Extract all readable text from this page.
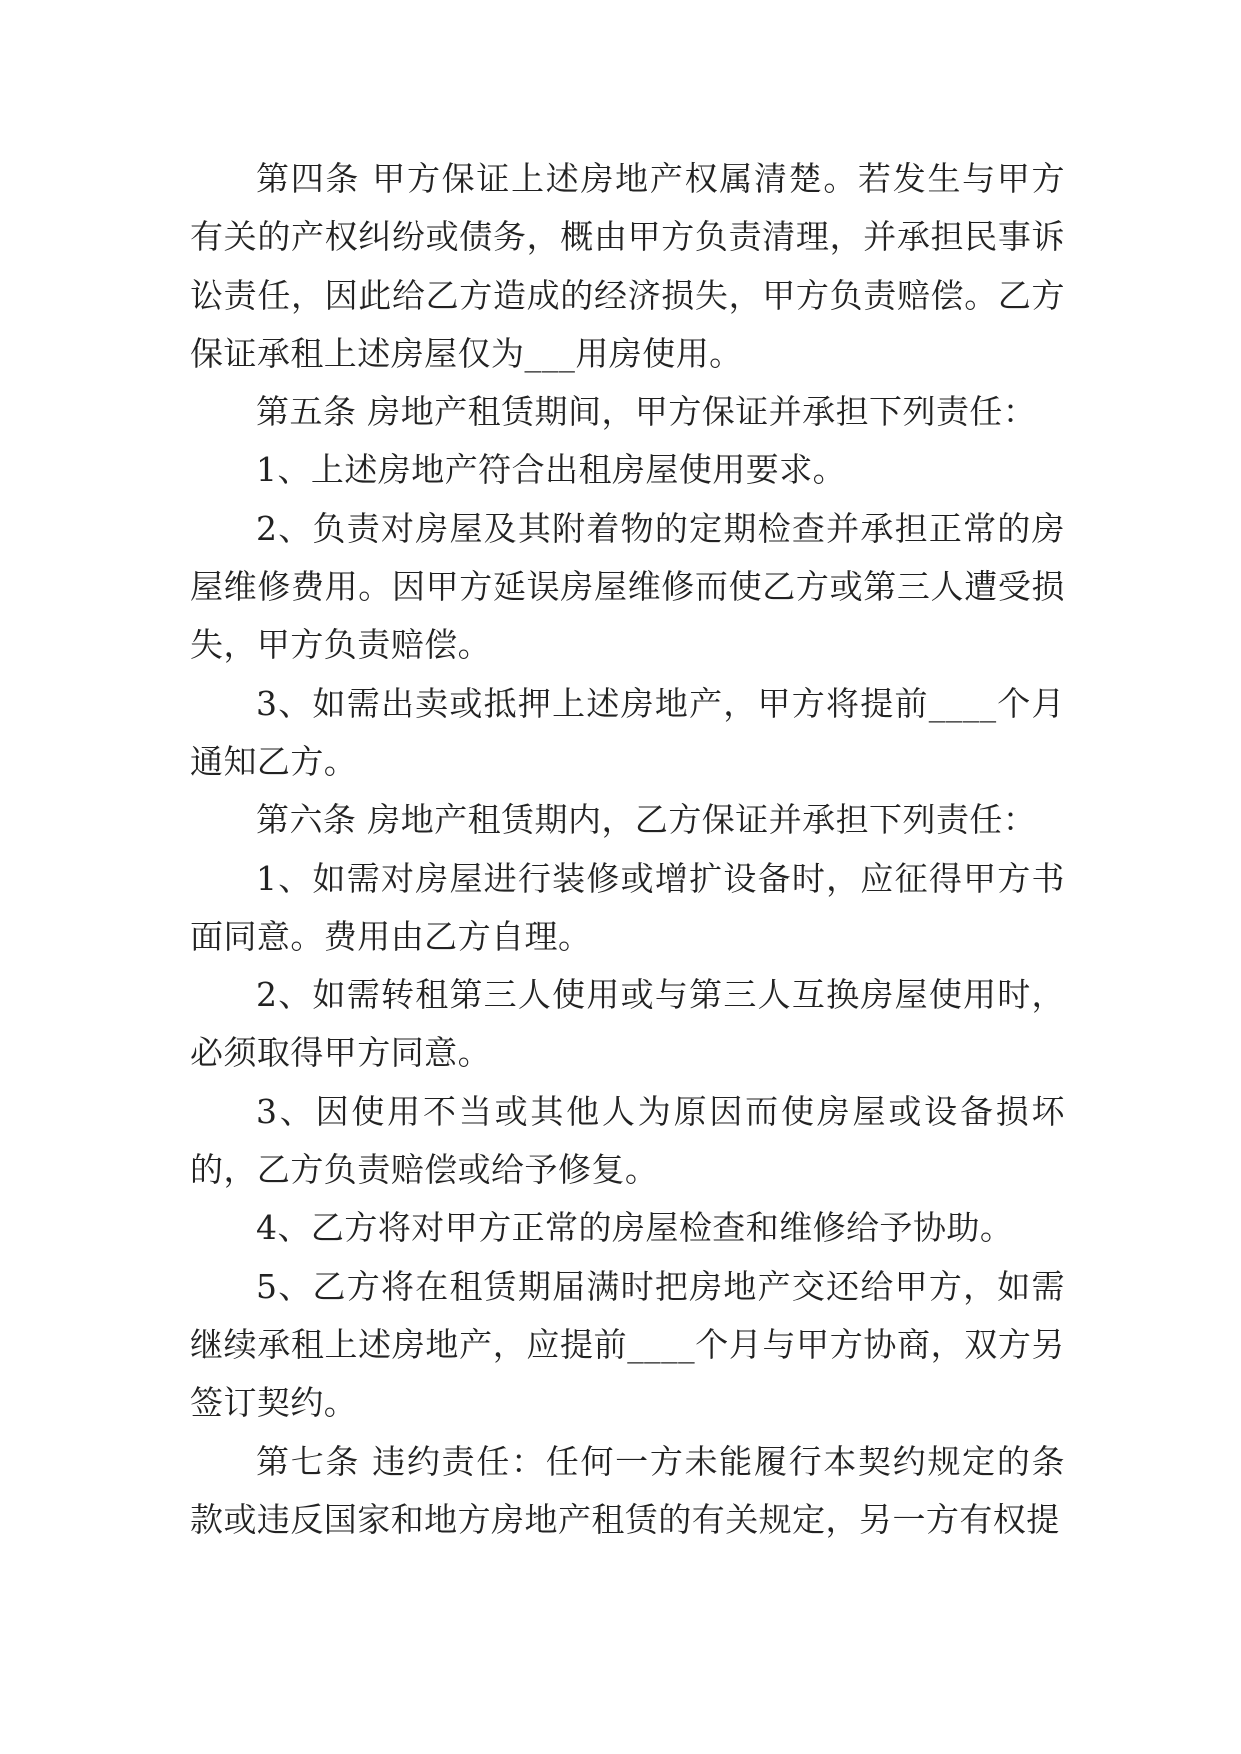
第四条 甲方保证上述房地产权属清楚。若发生与甲方有关的产权纠纷或债务，概由甲方负责清理，并承担民事诉讼责任，因此给乙方造成的经济损失，甲方负责赔偿。乙方保证承租上述房屋仅为___用房使用。

第五条 房地产租赁期间，甲方保证并承担下列责任：

1、上述房地产符合出租房屋使用要求。

2、负责对房屋及其附着物的定期检查并承担正常的房屋维修费用。因甲方延误房屋维修而使乙方或第三人遭受损失，甲方负责赔偿。

3、如需出卖或抵押上述房地产，甲方将提前____个月通知乙方。

第六条 房地产租赁期内，乙方保证并承担下列责任：

1、如需对房屋进行装修或增扩设备时，应征得甲方书面同意。费用由乙方自理。

2、如需转租第三人使用或与第三人互换房屋使用时，必须取得甲方同意。

3、因使用不当或其他人为原因而使房屋或设备损坏的，乙方负责赔偿或给予修复。

4、乙方将对甲方正常的房屋检查和维修给予协助。

5、乙方将在租赁期届满时把房地产交还给甲方，如需继续承租上述房地产，应提前____个月与甲方协商，双方另签订契约。

第七条 违约责任：任何一方未能履行本契约规定的条款或违反国家和地方房地产租赁的有关规定，另一方有权提
